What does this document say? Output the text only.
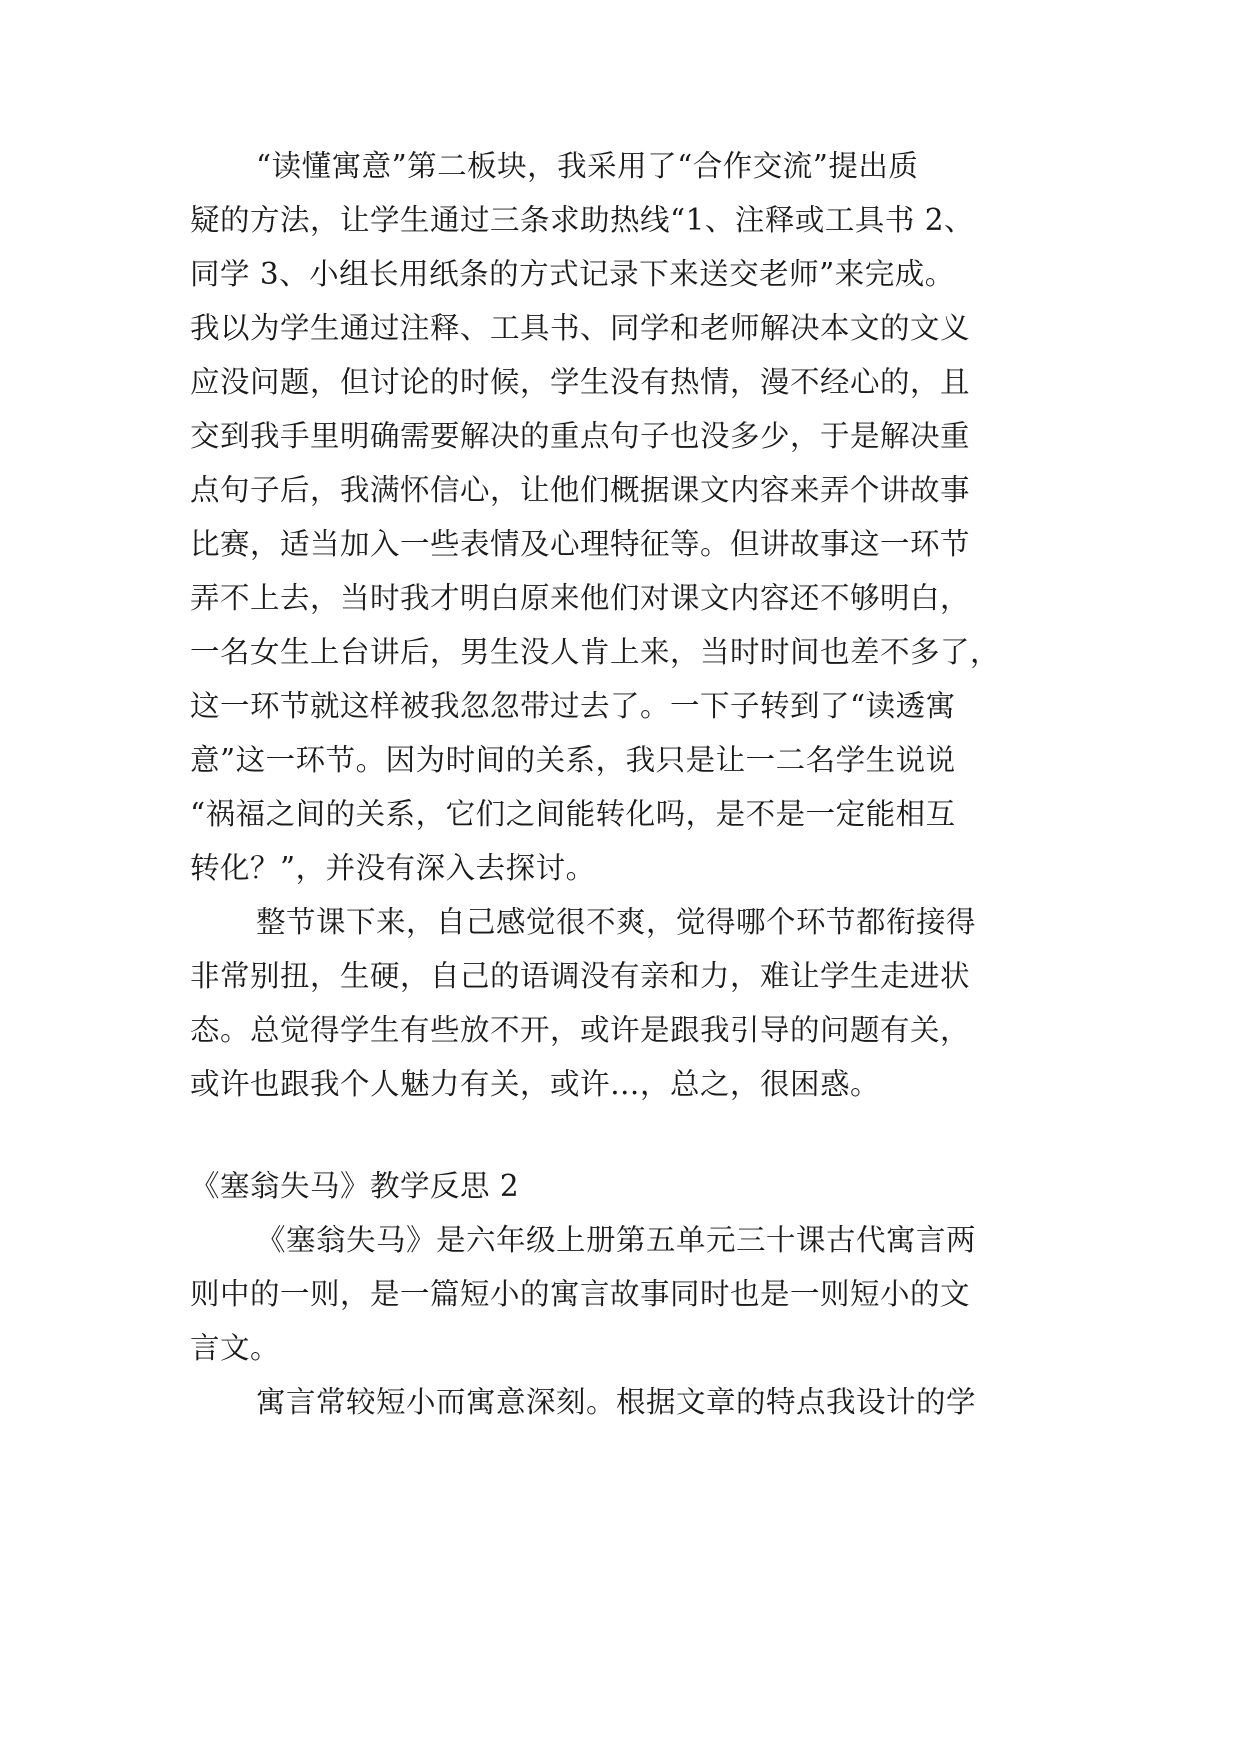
“读懂寓意”第二板块，我采用了“合作交流”提出质
疑的方法，让学生通过三条求助热线“1、注释或工具书 2、
同学 3、小组长用纸条的方式记录下来送交老师”来完成。
我以为学生通过注释、工具书、同学和老师解决本文的文义
应没问题，但讨论的时候，学生没有热情，漫不经心的，且
交到我手里明确需要解决的重点句子也没多少，于是解决重
点句子后，我满怀信心，让他们概据课文内容来弄个讲故事
比赛，适当加入一些表情及心理特征等。但讲故事这一环节
弄不上去，当时我才明白原来他们对课文内容还不够明白，
一名女生上台讲后，男生没人肯上来，当时时间也差不多了，
这一环节就这样被我忽忽带过去了。一下子转到了“读透寓
意”这一环节。因为时间的关系，我只是让一二名学生说说
“祸福之间的关系，它们之间能转化吗，是不是一定能相互
转化？”，并没有深入去探讨。
整节课下来，自己感觉很不爽，觉得哪个环节都衔接得
非常别扭，生硬，自己的语调没有亲和力，难让学生走进状
态。总觉得学生有些放不开，或许是跟我引导的问题有关，
或许也跟我个人魅力有关，或许…，总之，很困惑。
《塞翁失马》教学反思 2
《塞翁失马》是六年级上册第五单元三十课古代寓言两
则中的一则，是一篇短小的寓言故事同时也是一则短小的文
言文。
寓言常较短小而寓意深刻。根据文章的特点我设计的学
